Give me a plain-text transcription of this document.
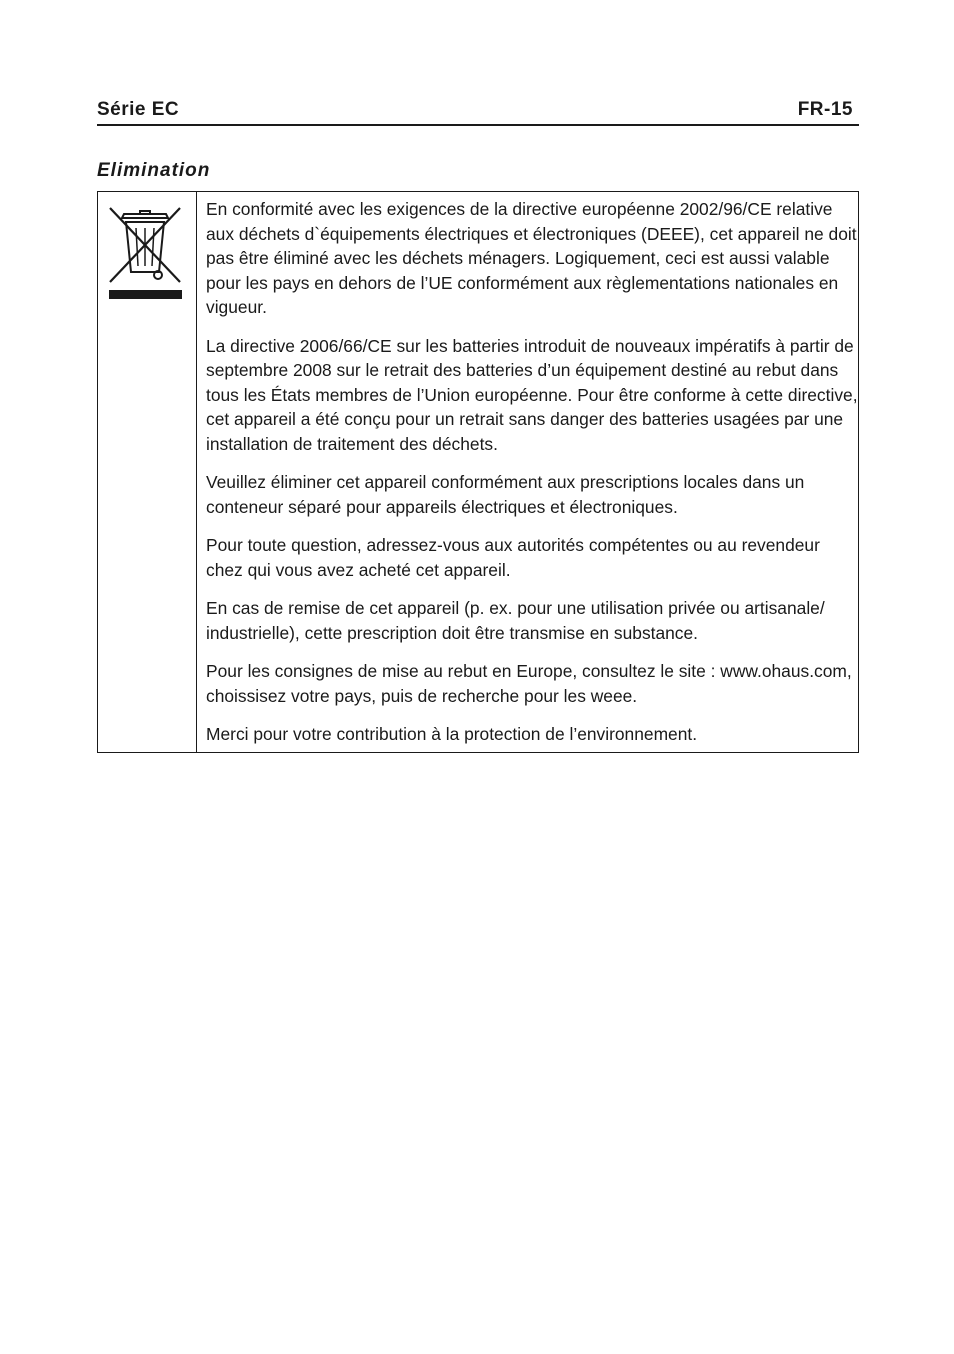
Série EC	FR-15
Elimination

En conformité avec les exigences de la directive européenne 2002/96/CE relative aux déchets d`équipements électriques et électroniques (DEEE), cet appareil ne doit pas être éliminé avec les déchets ménagers. Logiquement, ceci est aussi valable pour les pays en dehors de l’UE conformément aux règlementations nationales en vigueur.

La directive 2006/66/CE sur les batteries introduit de nouveaux impératifs à partir de septembre 2008 sur le retrait des batteries d’un équipement destiné au rebut dans tous les États membres de l’Union européenne. Pour être conforme à cette directive, cet appareil a été conçu pour un retrait sans danger des batteries usagées par une installation de traitement des déchets.

Veuillez éliminer cet appareil conformément aux prescriptions locales dans un conteneur séparé pour appareils électriques et électroniques.

Pour toute question, adressez-vous aux autorités compétentes ou au revendeur chez qui vous avez acheté cet appareil.

En cas de remise de cet appareil (p. ex. pour une utilisation privée ou artisanale/ industrielle), cette prescription doit être transmise en substance.

Pour les consignes de mise au rebut en Europe, consultez le site : www.ohaus.com, choissisez votre pays, puis de recherche pour les weee.

Merci pour votre contribution à la protection de l’environnement.
